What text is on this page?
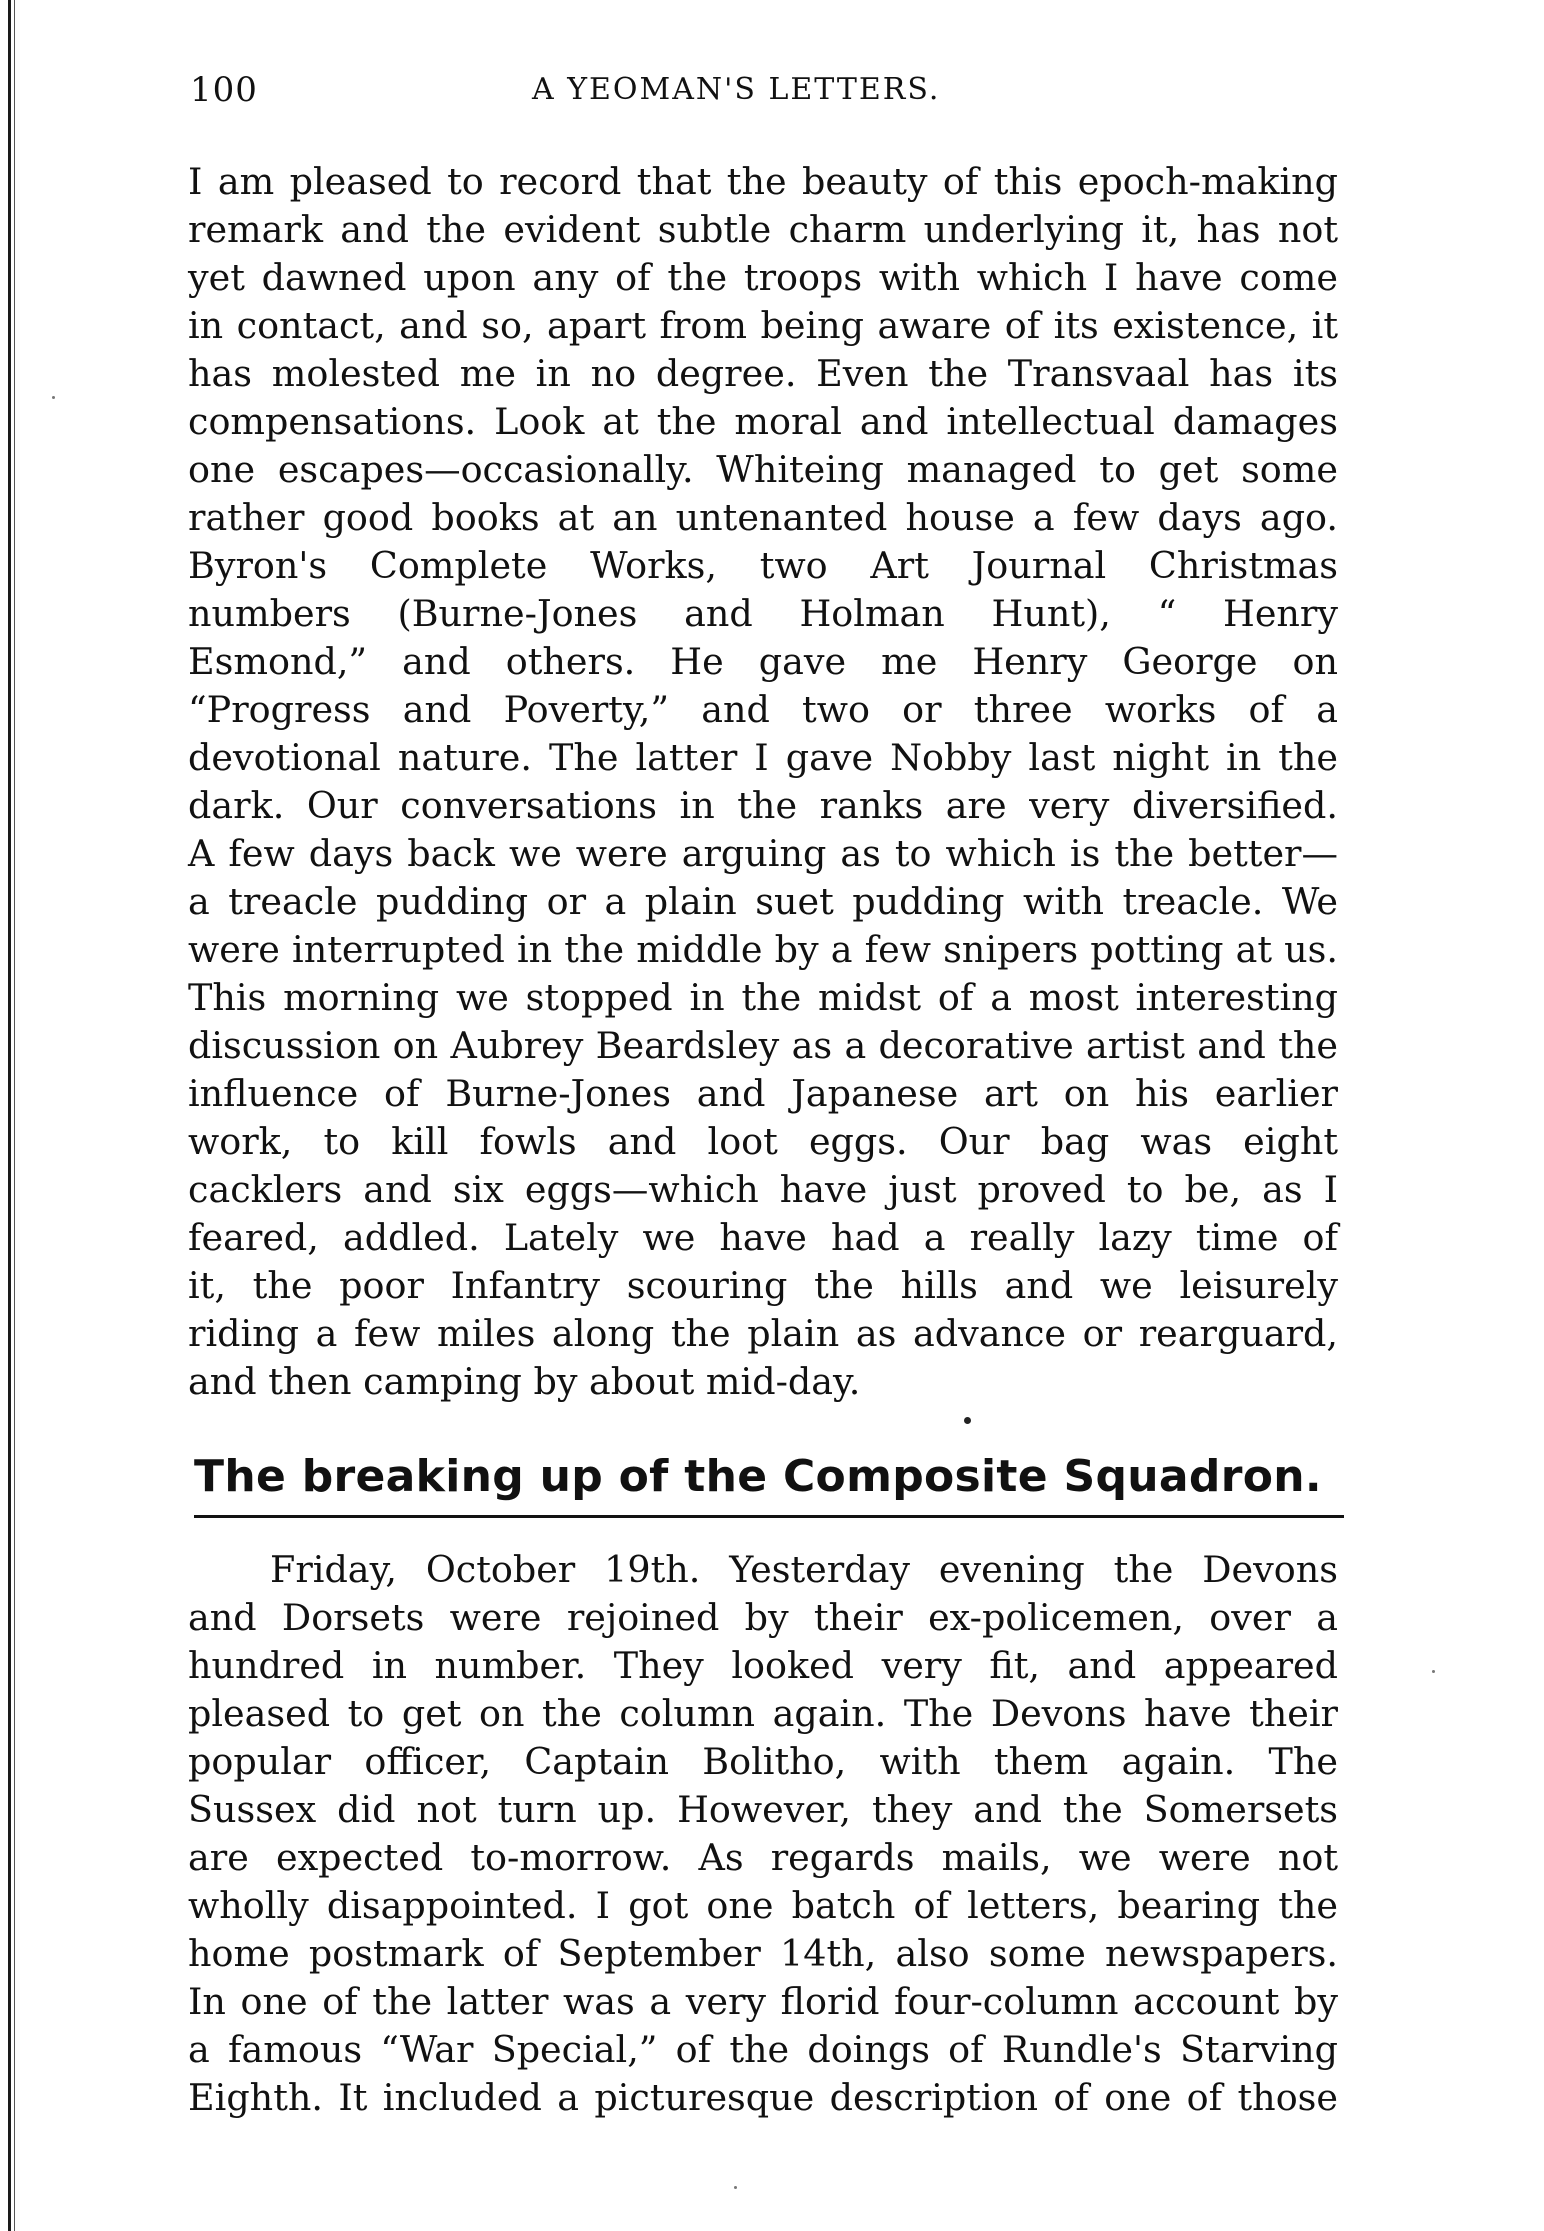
100	A YEOMAN'S LETTERS.
I am pleased to record that the beauty of this epoch-making
remark and the evident subtle charm underlying it, has not
yet dawned upon any of the troops with which I have come
in contact, and so, apart from being aware of its existence, it
has molested me in no degree. Even the Transvaal has its
compensations. Look at the moral and intellectual damages
one escapes—occasionally. Whiteing managed to get some
rather good books at an untenanted house a few days ago.
Byron's Complete Works, two Art Journal Christmas
numbers (Burne-Jones and Holman Hunt), “ Henry
Esmond,” and others. He gave me Henry George on
“Progress and Poverty,” and two or three works of a
devotional nature. The latter I gave Nobby last night in the
dark. Our conversations in the ranks are very diversified.
A few days back we were arguing as to which is the better—
a treacle pudding or a plain suet pudding with treacle. We
were interrupted in the middle by a few snipers potting at us.
This morning we stopped in the midst of a most interesting
discussion on Aubrey Beardsley as a decorative artist and the
influence of Burne-Jones and Japanese art on his earlier
work, to kill fowls and loot eggs. Our bag was eight
cacklers and six eggs—which have just proved to be, as I
feared, addled. Lately we have had a really lazy time of
it, the poor Infantry scouring the hills and we leisurely
riding a few miles along the plain as advance or rearguard,
and then camping by about mid-day.
The breaking up of the Composite Squadron.
Friday, October 19th. Yesterday evening the Devons
and Dorsets were rejoined by their ex-policemen, over a
hundred in number. They looked very fit, and appeared
pleased to get on the column again. The Devons have their
popular officer, Captain Bolitho, with them again. The
Sussex did not turn up. However, they and the Somersets
are expected to-morrow. As regards mails, we were not
wholly disappointed. I got one batch of letters, bearing the
home postmark of September 14th, also some newspapers.
In one of the latter was a very florid four-column account by
a famous “War Special,” of the doings of Rundle's Starving
Eighth. It included a picturesque description of one of those
